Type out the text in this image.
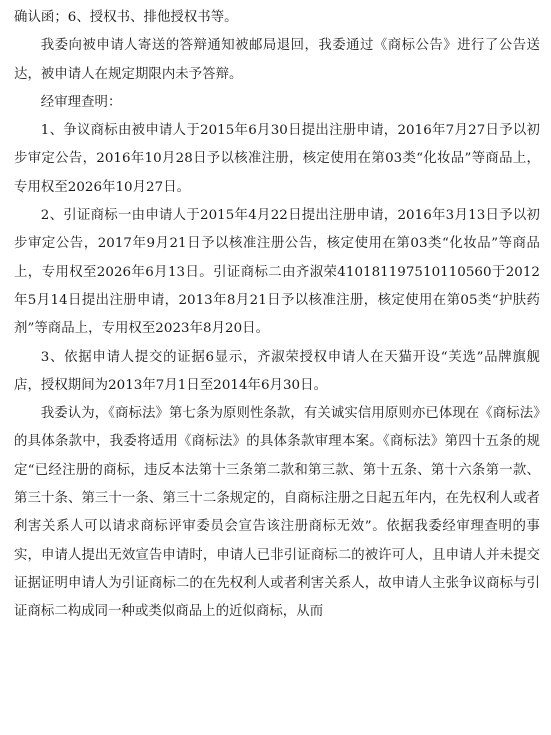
确认函；6、授权书、排他授权书等。

我委向被申请人寄送的答辩通知被邮局退回，我委通过《商标公告》进行了公告送达，被申请人在规定期限内未予答辩。

经审理查明：

1、争议商标由被申请人于2015年6月30日提出注册申请，2016年7月27日予以初步审定公告，2016年10月28日予以核准注册，核定使用在第03类“化妆品”等商品上，专用权至2026年10月27日。

2、引证商标一由申请人于2015年4月22日提出注册申请，2016年3月13日予以初步审定公告，2017年9月21日予以核准注册公告，核定使用在第03类“化妆品”等商品上，专用权至2026年6月13日。引证商标二由齐淑荣410181197510110560于2012年5月14日提出注册申请，2013年8月21日予以核准注册，核定使用在第05类“护肤药剂”等商品上，专用权至2023年8月20日。

3、依据申请人提交的证据6显示，齐淑荣授权申请人在天猫开设“芙选”品牌旗舰店，授权期间为2013年7月1日至2014年6月30日。

我委认为，《商标法》第七条为原则性条款，有关诚实信用原则亦已体现在《商标法》的具体条款中，我委将适用《商标法》的具体条款审理本案。《商标法》第四十五条的规定“已经注册的商标，违反本法第十三条第二款和第三款、第十五条、第十六条第一款、第三十条、第三十一条、第三十二条规定的，自商标注册之日起五年内，在先权利人或者利害关系人可以请求商标评审委员会宣告该注册商标无效”。依据我委经审理查明的事实，申请人提出无效宣告申请时，申请人已非引证商标二的被许可人，且申请人并未提交证据证明申请人为引证商标二的在先权利人或者利害关系人，故申请人主张争议商标与引证商标二构成同一种或类似商品上的近似商标，从而
